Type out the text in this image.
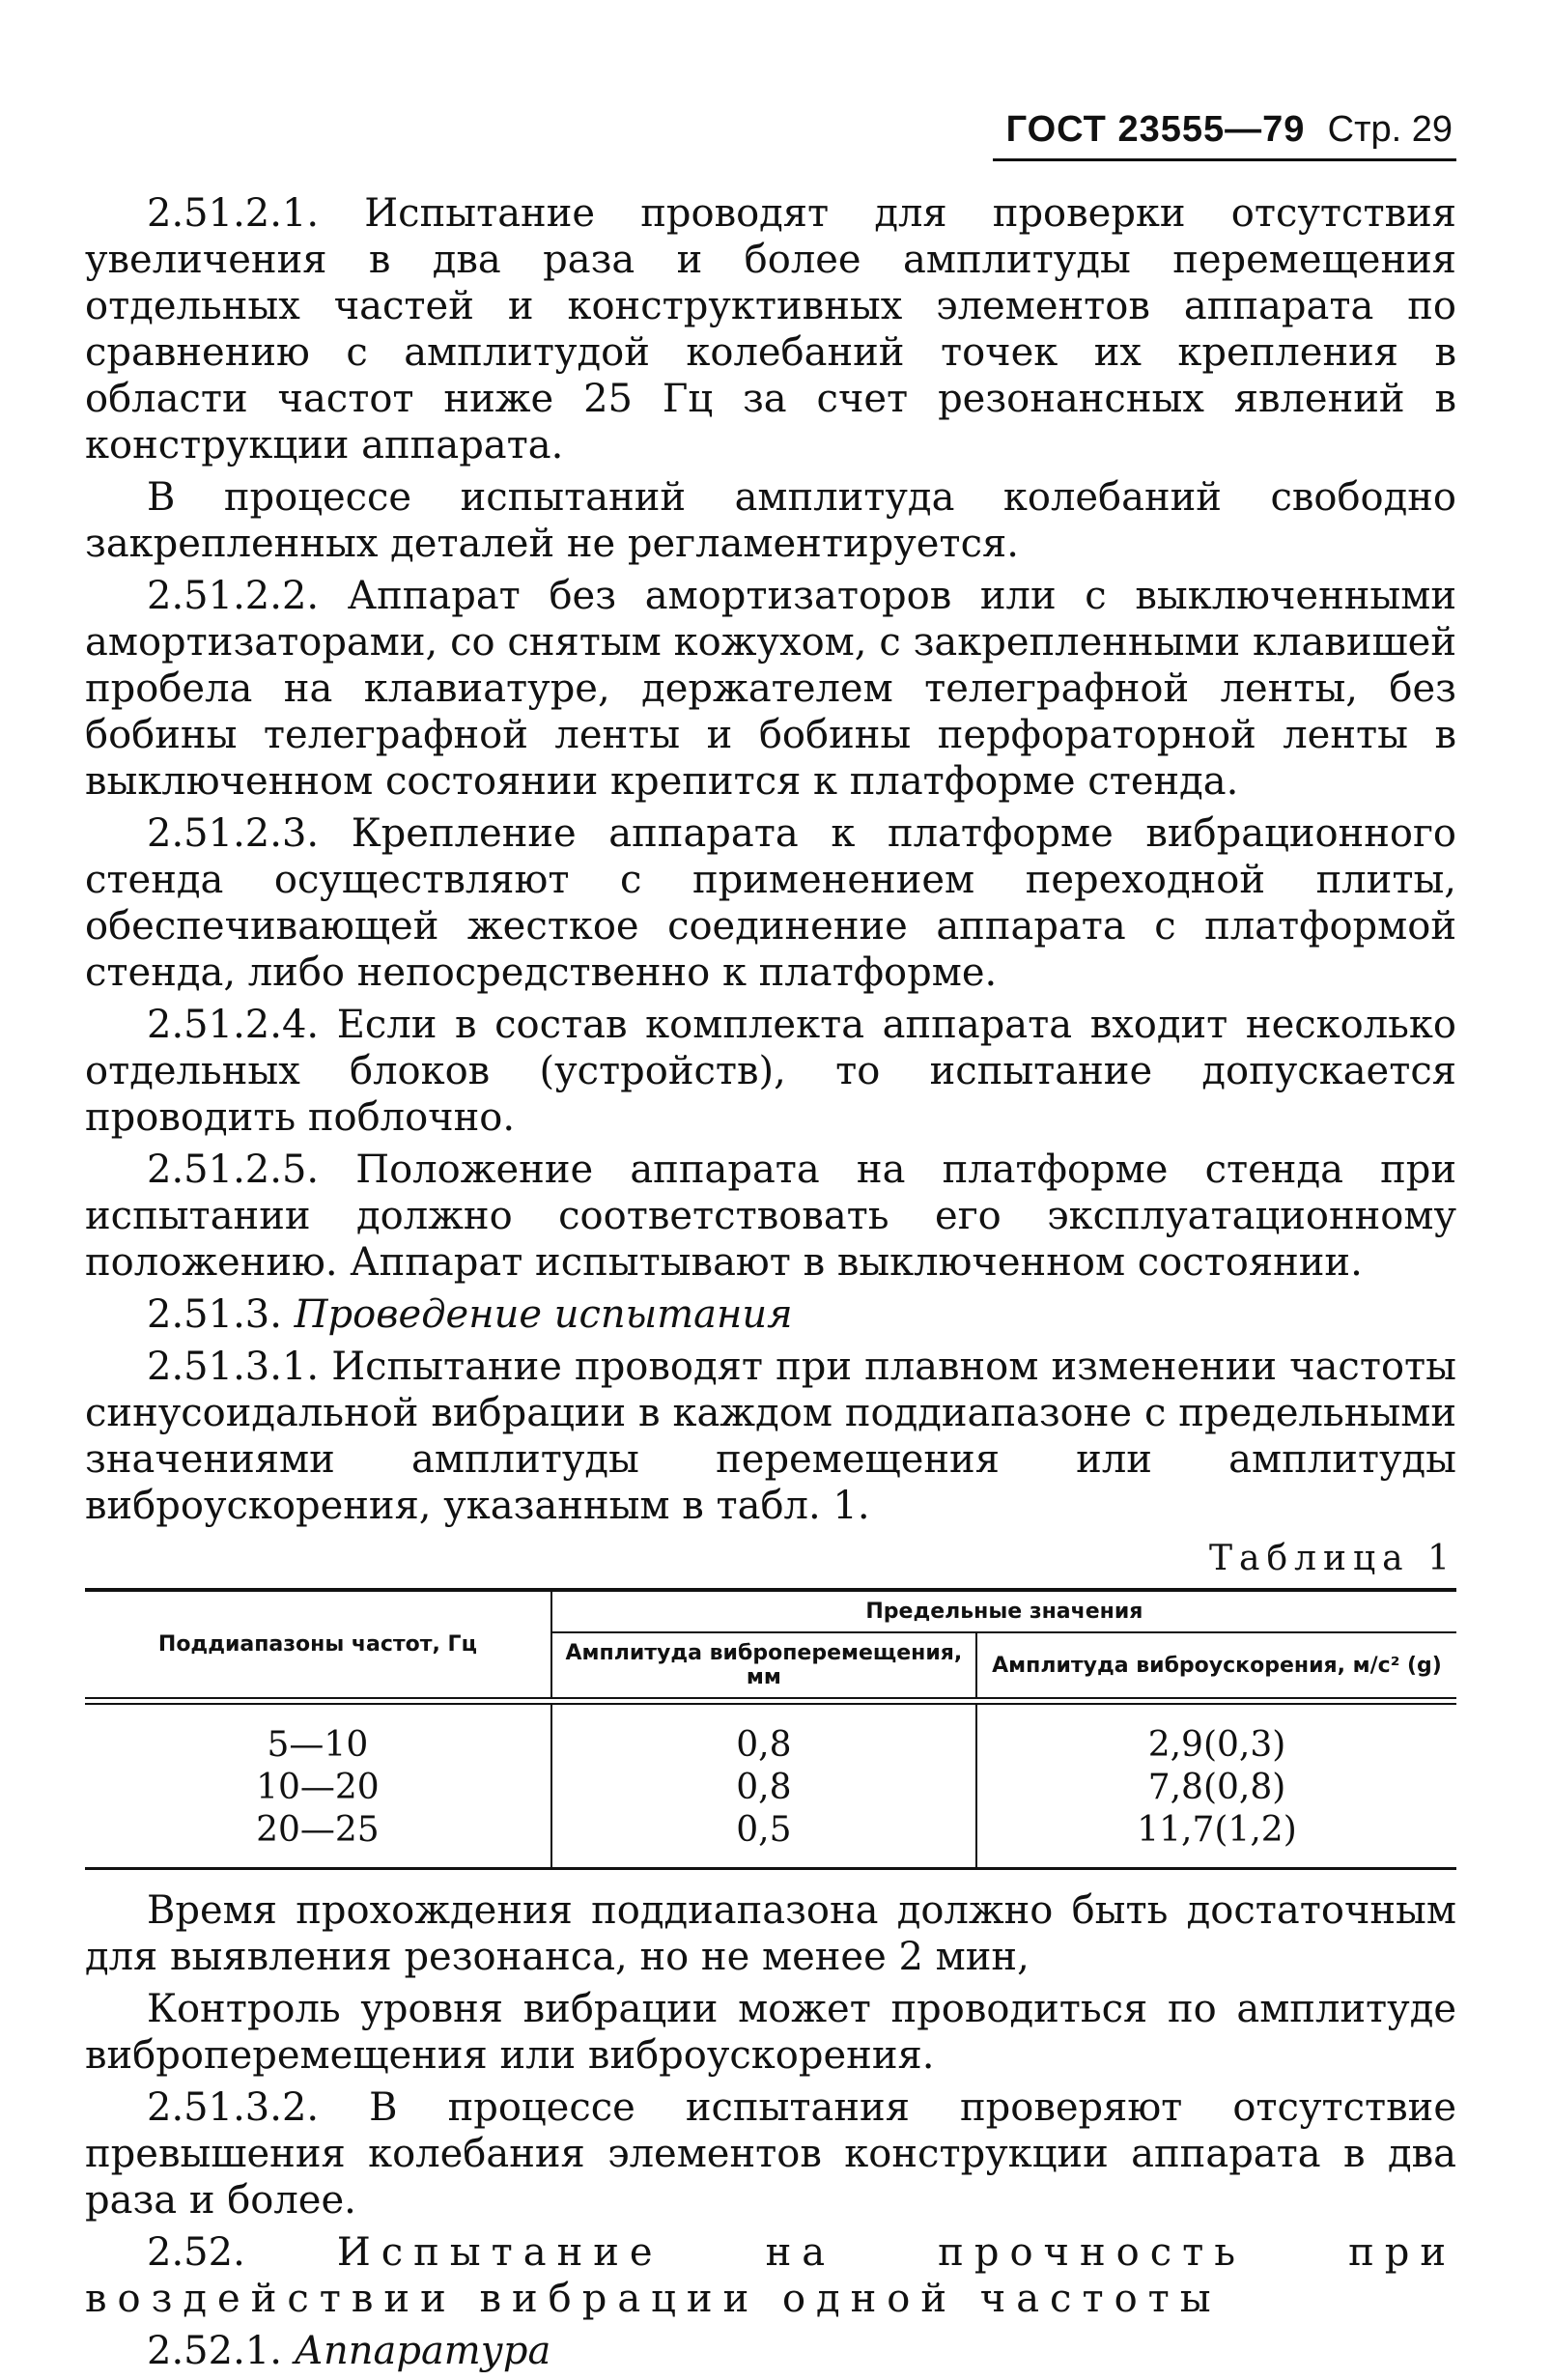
ГОСТ 23555—79 Стр. 29

2.51.2.1. Испытание проводят для проверки отсутствия увеличения в два раза и более амплитуды перемещения отдельных частей и конструктивных элементов аппарата по сравнению с амплитудой колебаний точек их крепления в области частот ниже 25 Гц за счет резонансных явлений в конструкции аппарата.

В процессе испытаний амплитуда колебаний свободно закрепленных деталей не регламентируется.

2.51.2.2. Аппарат без амортизаторов или с выключенными амортизаторами, со снятым кожухом, с закрепленными клавишей пробела на клавиатуре, держателем телеграфной ленты, без бобины телеграфной ленты и бобины перфораторной ленты в выключенном состоянии крепится к платформе стенда.

2.51.2.3. Крепление аппарата к платформе вибрационного стенда осуществляют с применением переходной плиты, обеспечивающей жесткое соединение аппарата с платформой стенда, либо непосредственно к платформе.

2.51.2.4. Если в состав комплекта аппарата входит несколько отдельных блоков (устройств), то испытание допускается проводить поблочно.

2.51.2.5. Положение аппарата на платформе стенда при испытании должно соответствовать его эксплуатационному положению. Аппарат испытывают в выключенном состоянии.

2.51.3. Проведение испытания

2.51.3.1. Испытание проводят при плавном изменении частоты синусоидальной вибрации в каждом поддиапазоне с предельными значениями амплитуды перемещения или амплитуды виброускорения, указанным в табл. 1.

Таблица 1

Поддиапазоны частот, Гц	Предельные значения	
	Амплитуда виброперемещения, мм	Амплитуда виброускорения, м/с² (g)

5—10	0,8	2,9(0,3)
10—20	0,8	7,8(0,8)
20—25	0,5	11,7(1,2)

Время прохождения поддиапазона должно быть достаточным для выявления резонанса, но не менее 2 мин,

Контроль уровня вибрации может проводиться по амплитуде виброперемещения или виброускорения.

2.51.3.2. В процессе испытания проверяют отсутствие превышения колебания элементов конструкции аппарата в два раза и более.

2.52. Испытание на прочность при воздействии вибрации одной частоты

2.52.1. Аппаратура
